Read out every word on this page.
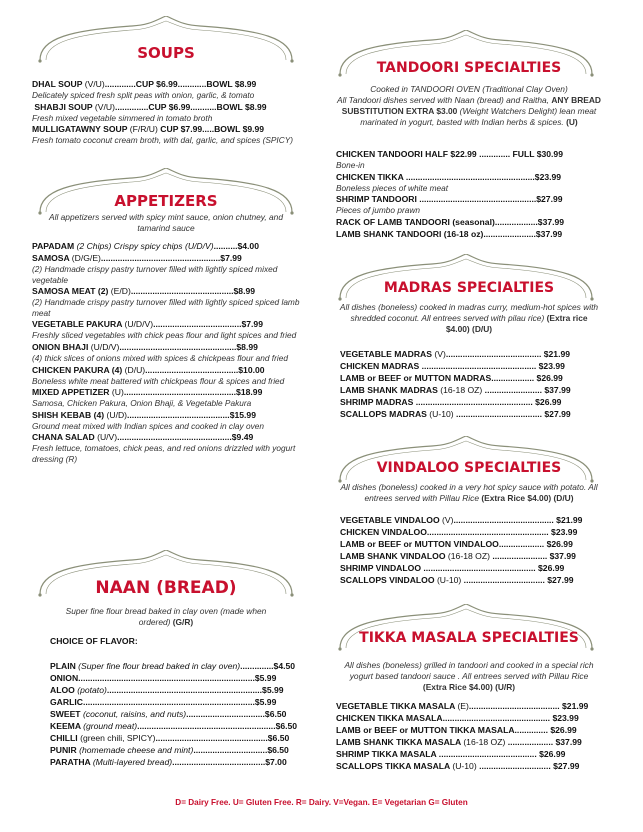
SOUPS
DHAL SOUP (V/U).............CUP $6.99............BOWL $8.99
Delicately spiced fresh split peas with onion, garlic, & tomato
SHABJI SOUP (V/U)..............CUP $6.99...........BOWL $8.99
Fresh mixed vegetable simmered in tomato broth
MULLIGATAWNY SOUP (F/R/U) CUP $7.99.....BOWL $9.99
Fresh tomato coconut cream broth, with dal, garlic, and spices (SPICY)
APPETIZERS
All appetizers served with spicy mint sauce, onion chutney, and tamarind sauce
PAPADAM (2 Chips) Crispy spicy chips (U/D/V)..........$4.00
SAMOSA (D/G/E)..................................................$7.99
(2) Handmade crispy pastry turnover filled with lightly spiced mixed vegetable
SAMOSA MEAT (2) (E/D)...........................................$8.99
(2) Handmade crispy pastry turnover filled with lightly spiced spiced lamb meat
VEGETABLE PAKURA (U/D/V).....................................$7.99
Freshly sliced vegetables with chick peas flour and light spices and fried
ONION BHAJI (U/D/V).................................................$8.99
(4) thick slices of onions mixed with spices & chickpeas flour and fried
CHICKEN PAKURA (4) (D/U).......................................$10.00
Boneless white meat battered with chickpeas flour & spices and fried
MIXED APPETIZER (U)...............................................$18.99
Samosa, Chicken Pakura, Onion Bhaji, & Vegetable Pakura
SHISH KEBAB (4) (U/D)...........................................$15.99
Ground meat mixed with Indian spices and cooked in clay oven
CHANA SALAD (U/V)................................................$9.49
Fresh lettuce, tomatoes, chick peas, and red onions drizzled with yogurt dressing (R)
NAAN (BREAD)
Super fine flour bread baked in clay oven (made when ordered) (G/R)
CHOICE OF FLAVOR:
PLAIN (Super fine flour bread baked in clay oven)..............$4.50
ONION..........................................................................$5.99
ALOO (potato).................................................................$5.99
GARLIC........................................................................$5.99
SWEET (coconut, raisins, and nuts).................................$6.50
KEEMA (ground meat)..........................................................$6.50
CHILLI (green chili, SPICY)...............................................$6.50
PUNIR (homemade cheese and mint)...............................$6.50
PARATHA (Multi-layered bread).......................................$7.00
TANDOORI SPECIALTIES
Cooked in TANDOORI OVEN (Traditional Clay Oven)
All Tandoori dishes served with Naan (bread) and Raitha, ANY BREAD SUBSTITUTION EXTRA $3.00 (Weight Watchers Delight) lean meat marinated in yogurt, basted with Indian herbs & spices. (U)
CHICKEN TANDOORI HALF $22.99 ............. FULL $30.99
Bone-in
CHICKEN TIKKA ......................................................$23.99
Boneless pieces of white meat
SHRIMP TANDOORI .................................................$27.99
Pieces of jumbo prawn
RACK OF LAMB TANDOORI (seasonal)..................$37.99
LAMB SHANK TANDOORI (16-18 oz)......................$37.99
MADRAS SPECIALTIES
All dishes (boneless) cooked in madras curry, medium-hot spices with shredded coconut. All entrees served with pilau rice) (Extra rice $4.00) (D/U)
VEGETABLE MADRAS (V)........................................ $21.99
CHICKEN MADRAS ................................................ $23.99
LAMB or BEEF or MUTTON MADRAS.................. $26.99
LAMB SHANK MADRAS (16-18 OZ) ........................ $37.99
SHRIMP MADRAS ................................................. $26.99
SCALLOPS MADRAS (U-10) .................................... $27.99
VINDALOO SPECIALTIES
All dishes (boneless) cooked in a very hot spicy sauce with potato. All entrees served with Pillau Rice (Extra Rice $4.00) (D/U)
VEGETABLE VINDALOO (V).......................................... $21.99
CHICKEN VINDALOO................................................... $23.99
LAMB or BEEF or MUTTON VINDALOO................... $26.99
LAMB SHANK VINDALOO (16-18 OZ) ....................... $37.99
SHRIMP VINDALOO ............................................... $26.99
SCALLOPS VINDALOO (U-10) .................................. $27.99
TIKKA MASALA SPECIALTIES
All dishes (boneless) grilled in tandoori and cooked in a special rich yogurt based tandoori sauce . All entrees served with Pillau Rice (Extra Rice $4.00) (U/R)
VEGETABLE TIKKA MASALA (E)...................................... $21.99
CHICKEN TIKKA MASALA............................................. $23.99
LAMB or BEEF or MUTTON TIKKA MASALA.............. $26.99
LAMB SHANK TIKKA MASALA (16-18 OZ) ................... $37.99
SHRIMP TIKKA MASALA ......................................... $26.99
SCALLOPS TIKKA MASALA (U-10) .............................. $27.99
D= Dairy Free. U= Gluten Free. R= Dairy. V=Vegan. E= Vegetarian G= Gluten
